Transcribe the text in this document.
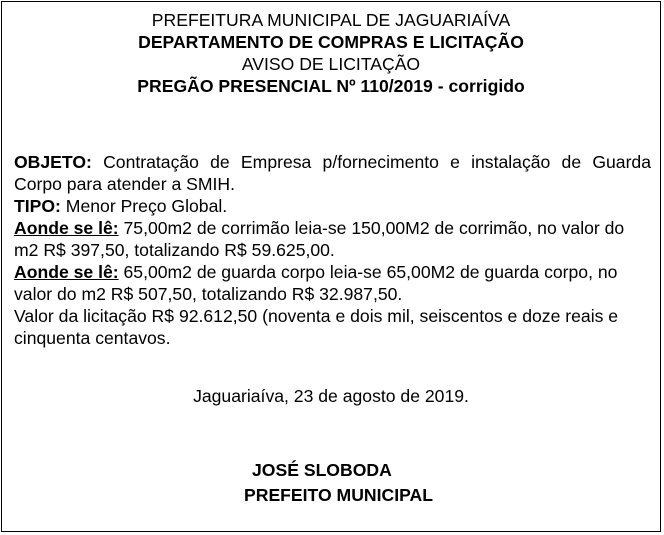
PREFEITURA MUNICIPAL DE JAGUARIAÍVA
DEPARTAMENTO DE COMPRAS E LICITAÇÃO
AVISO DE LICITAÇÃO
PREGÃO PRESENCIAL Nº 110/2019 - corrigido

OBJETO: Contratação de Empresa p/fornecimento e instalação de Guarda Corpo para atender a SMIH.

TIPO: Menor Preço Global.

Aonde se lê: 75,00m2 de corrimão leia-se 150,00M2 de corrimão, no valor do m2 R$ 397,50, totalizando R$ 59.625,00.

Aonde se lê: 65,00m2 de guarda corpo leia-se 65,00M2 de guarda corpo, no valor do m2 R$ 507,50, totalizando R$ 32.987,50.

Valor da licitação R$ 92.612,50 (noventa e dois mil, seiscentos e doze reais e cinquenta centavos.

Jaguariaíva, 23 de agosto de 2019.
JOSÉ SLOBODA
PREFEITO MUNICIPAL
